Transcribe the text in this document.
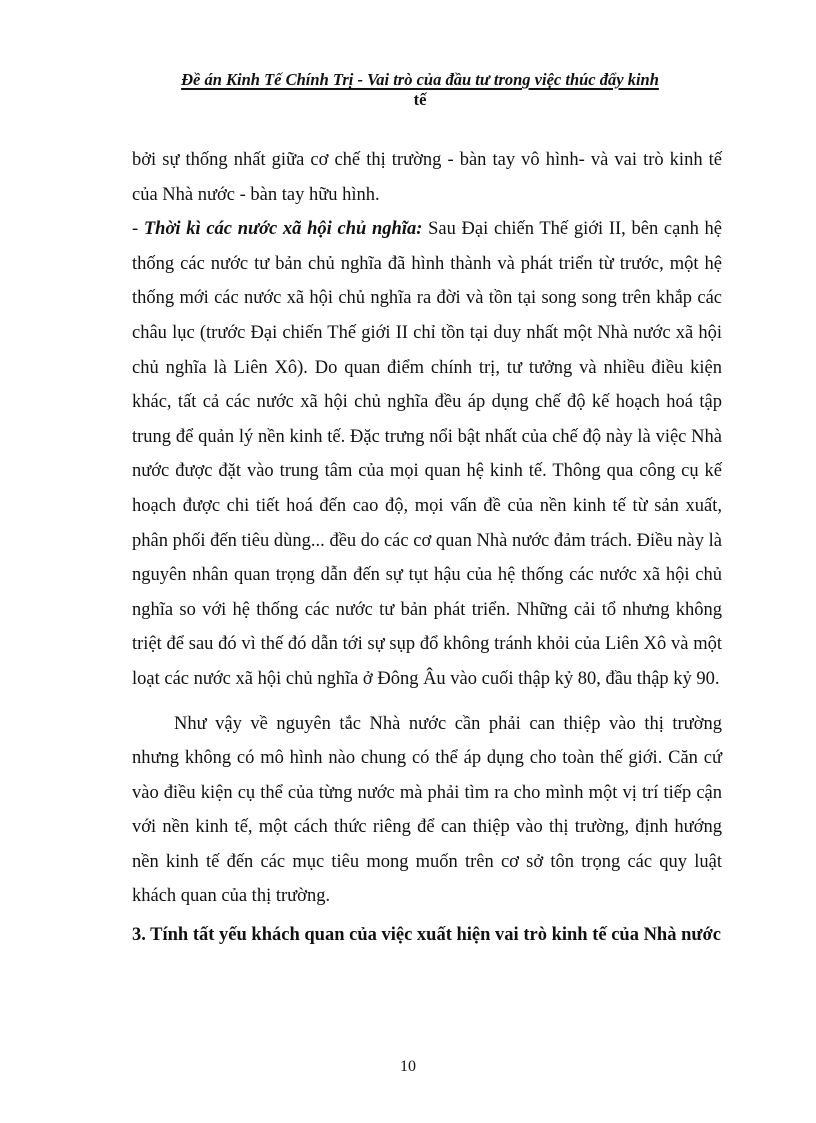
Đề án Kinh Tế Chính Trị - Vai trò của đầu tư trong việc thúc đẩy kinh
tế

bởi sự thống nhất giữa cơ chế thị trường - bàn tay vô hình- và vai trò kinh tế của Nhà nước - bàn tay hữu hình.

- Thời kì các nước xã hội chủ nghĩa: Sau Đại chiến Thế giới II, bên cạnh hệ thống các nước tư bản chủ nghĩa đã hình thành và phát triển từ trước, một hệ thống mới các nước xã hội chủ nghĩa ra đời và tồn tại song song trên khắp các châu lục (trước Đại chiến Thế giới II chỉ tồn tại duy nhất một Nhà nước xã hội chủ nghĩa là Liên Xô). Do quan điểm chính trị, tư tưởng và nhiều điều kiện khác, tất cả các nước xã hội chủ nghĩa đều áp dụng chế độ kế hoạch hoá tập trung để quản lý nền kinh tế. Đặc trưng nổi bật nhất của chế độ này là việc Nhà nước được đặt vào trung tâm của mọi quan hệ kinh tế. Thông qua công cụ kế hoạch được chi tiết hoá đến cao độ, mọi vấn đề của nền kinh tế từ sản xuất, phân phối đến tiêu dùng... đều do các cơ quan Nhà nước đảm trách. Điều này là nguyên nhân quan trọng dẫn đến sự tụt hậu của hệ thống các nước xã hội chủ nghĩa so với hệ thống các nước tư bản phát triển. Những cải tổ nhưng không triệt để sau đó vì thế đó dẫn tới sự sụp đổ không tránh khỏi của Liên Xô và một loạt các nước xã hội chủ nghĩa ở Đông Âu vào cuối thập kỷ 80, đầu thập kỷ 90.

Như vậy về nguyên tắc Nhà nước cần phải can thiệp vào thị trường nhưng không có mô hình nào chung có thể áp dụng cho toàn thế giới. Căn cứ vào điều kiện cụ thể của từng nước mà phải tìm ra cho mình một vị trí tiếp cận với nền kinh tế, một cách thức riêng để can thiệp vào thị trường, định hướng nền kinh tế đến các mục tiêu mong muốn trên cơ sở tôn trọng các quy luật khách quan của thị trường.

3. Tính tất yếu khách quan của việc xuất hiện vai trò kinh tế của Nhà nước

10
